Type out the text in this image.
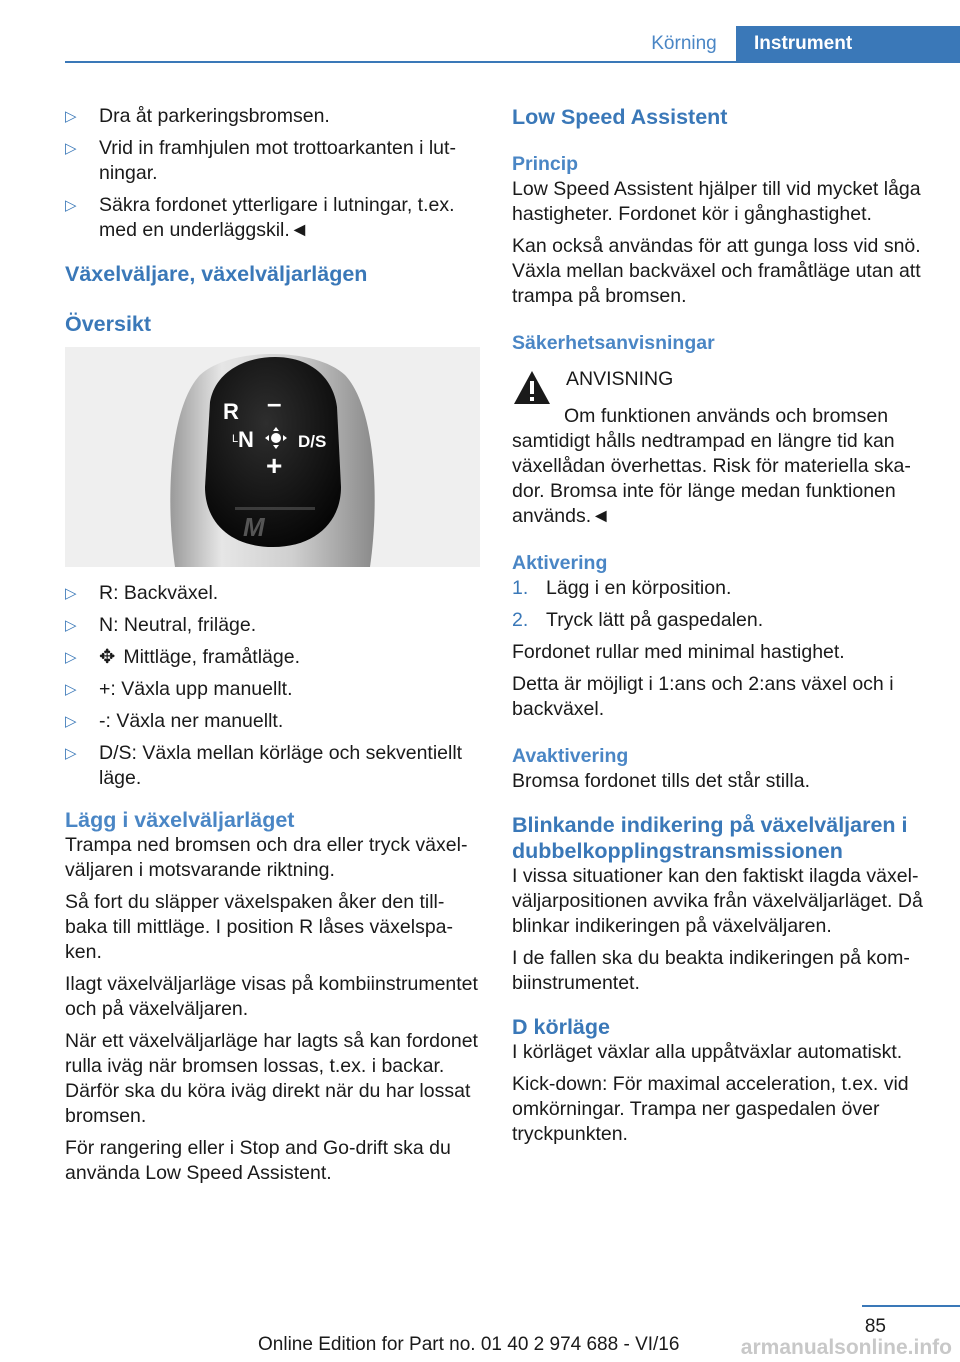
Körning	Instrument
▷ Dra åt parkeringsbromsen.
▷ Vrid in framhjulen mot trottoarkanten i lutningar.
▷ Säkra fordonet ytterligare i lutningar, t.ex. med en underläggskil.◄
Växelväljare, växelväljarlägen
Översikt
R –
L N	D/S
+
M
▷ R: Backväxel.
▷ N: Neutral, friläge.
▷ ✥ Mittläge, framåtläge.
▷ +: Växla upp manuellt.
▷ -: Växla ner manuellt.
▷ D/S: Växla mellan körläge och sekventiellt läge.
Lägg i växelväljarläget

Trampa ned bromsen och dra eller tryck växelväljaren i motsvarande riktning.

Så fort du släpper växelspaken åker den tillbaka till mittläge. I position R låses växelspaken.

Ilagt växelväljarläge visas på kombiinstrumentet och på växelväljaren.

När ett växelväljarläge har lagts så kan fordonet rulla iväg när bromsen lossas, t.ex. i backar. Därför ska du köra iväg direkt när du har lossat bromsen.

För rangering eller i Stop and Go-drift ska du använda Low Speed Assistent.

Low Speed Assistent
Princip

Low Speed Assistent hjälper till vid mycket låga hastigheter. Fordonet kör i gånghastighet.

Kan också användas för att gunga loss vid snö. Växla mellan backväxel och framåtläge utan att trampa på bromsen.

Säkerhetsanvisningar
ANVISNING

Om funktionen används och bromsen samtidigt hålls nedtrampad en längre tid kan växellådan överhettas. Risk för materiella skador. Bromsa inte för länge medan funktionen används.◄

Aktivering
1. Lägg i en körposition.
2. Tryck lätt på gaspedalen.

Fordonet rullar med minimal hastighet.

Detta är möjligt i 1:ans och 2:ans växel och i backväxel.

Avaktivering

Bromsa fordonet tills det står stilla.

Blinkande indikering på växelväljaren i dubbelkopplingstransmissionen

I vissa situationer kan den faktiskt ilagda växelväljarpositionen avvika från växelväljarläget. Då blinkar indikeringen på växelväljaren.

I de fallen ska du beakta indikeringen på kombiinstrumentet.

D körläge

I körläget växlar alla uppåtväxlar automatiskt.

Kick-down: För maximal acceleration, t.ex. vid omkörningar. Trampa ner gaspedalen över tryckpunkten.

85
Online Edition for Part no. 01 40 2 974 688 - VI/16	armanualsonline.info
